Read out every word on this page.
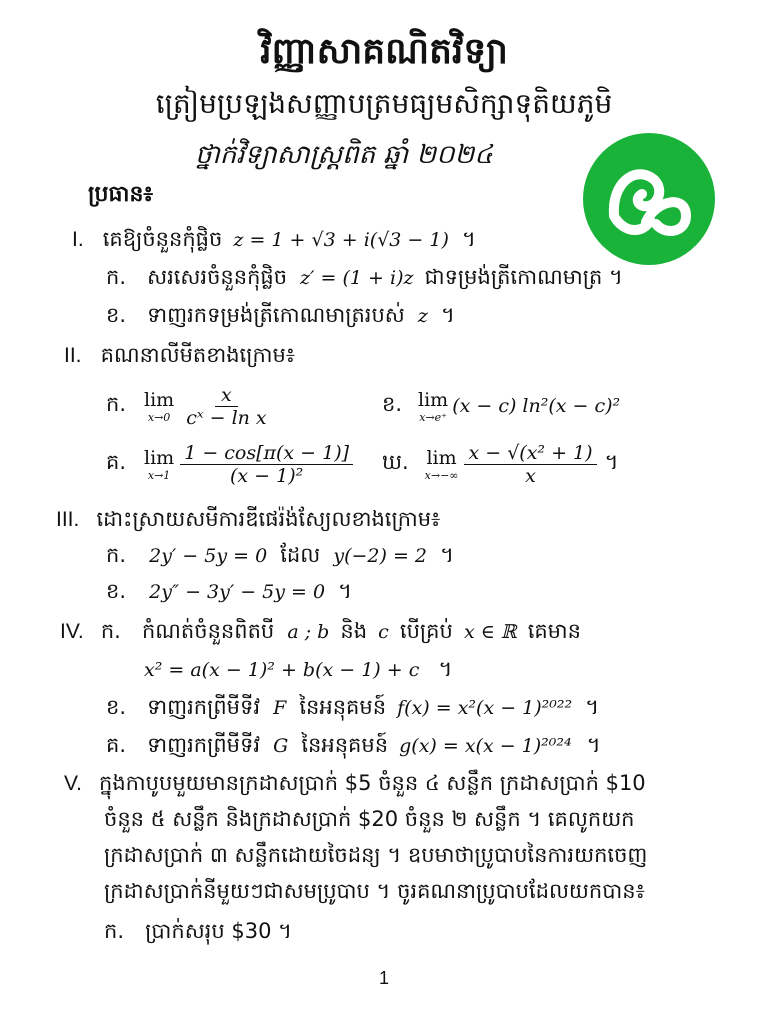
វិញ្ញាសាគណិតវិទ្យា
ត្រៀមប្រឡងសញ្ញាបត្រមធ្យមសិក្សាទុតិយភូមិ
ថ្នាក់វិទ្យាសាស្ត្រពិត ឆ្នាំ ២០២៤
ប្រធាន៖
I. គេឱ្យចំនួនកុំផ្លិច z = 1 + √3 + i(√3 − 1) ។
ក. សរសេរចំនួនកុំផ្លិច z′ = (1 + i)z ជាទម្រង់ត្រីកោណមាត្រ ។
ខ. ទាញរកទម្រង់ត្រីកោណមាត្ររបស់ z ។
II. គណនាលីមីតខាងក្រោម៖
ក. lim
$x\to 0 \frac{x}{\text{cˣ − ln x}}$	ខ. lim
x→e⁺ (x − c) ln²(x − c)²
គ. lim
$x\to 1 \frac{1 - \cos[\pi(x - 1)]}{\text{(x − 1)²}}$ ឃ. lim
$x\to-\infty \frac{\text{x − √(x² + 1)}}{x}$ ។
III. ដោះស្រាយសមីការឌីផេរ៉ង់ស្យែលខាងក្រោម៖
ក. 2y′ − 5y = 0 ដែល y(−2) = 2 ។
ខ. 2y″ − 3y′ − 5y = 0 ។
IV. ក. កំណត់ចំនួនពិតបី a ; b និង c បើគ្រប់ x ∈ ℝ គេមាន
x² = a(x − 1)² + b(x − 1) + c ។
ខ. ទាញរកព្រីមីទីវ F នៃអនុគមន៍ f(x) = x²(x − 1)²⁰²² ។
គ. ទាញរកព្រីមីទីវ G នៃអនុគមន៍ g(x) = x(x − 1)²⁰²⁴ ។
V. ក្នុងកាបូបមួយមានក្រដាសប្រាក់ $5 ចំនួន ៤ សន្លឹក ក្រដាសប្រាក់ $10
ចំនួន ៥ សន្លឹក និងក្រដាសប្រាក់ $20 ចំនួន ២ សន្លឹក ។ គេលូកយក
ក្រដាសប្រាក់ ៣ សន្លឹកដោយចៃដន្យ ។ ឧបមាថាប្រូបាបនៃការយកចេញ
ក្រដាសប្រាក់នីមួយៗជាសមប្រូបាប ។ ចូរគណនាប្រូបាបដែលយកបាន៖
ក. ប្រាក់សរុប $30 ។
1
